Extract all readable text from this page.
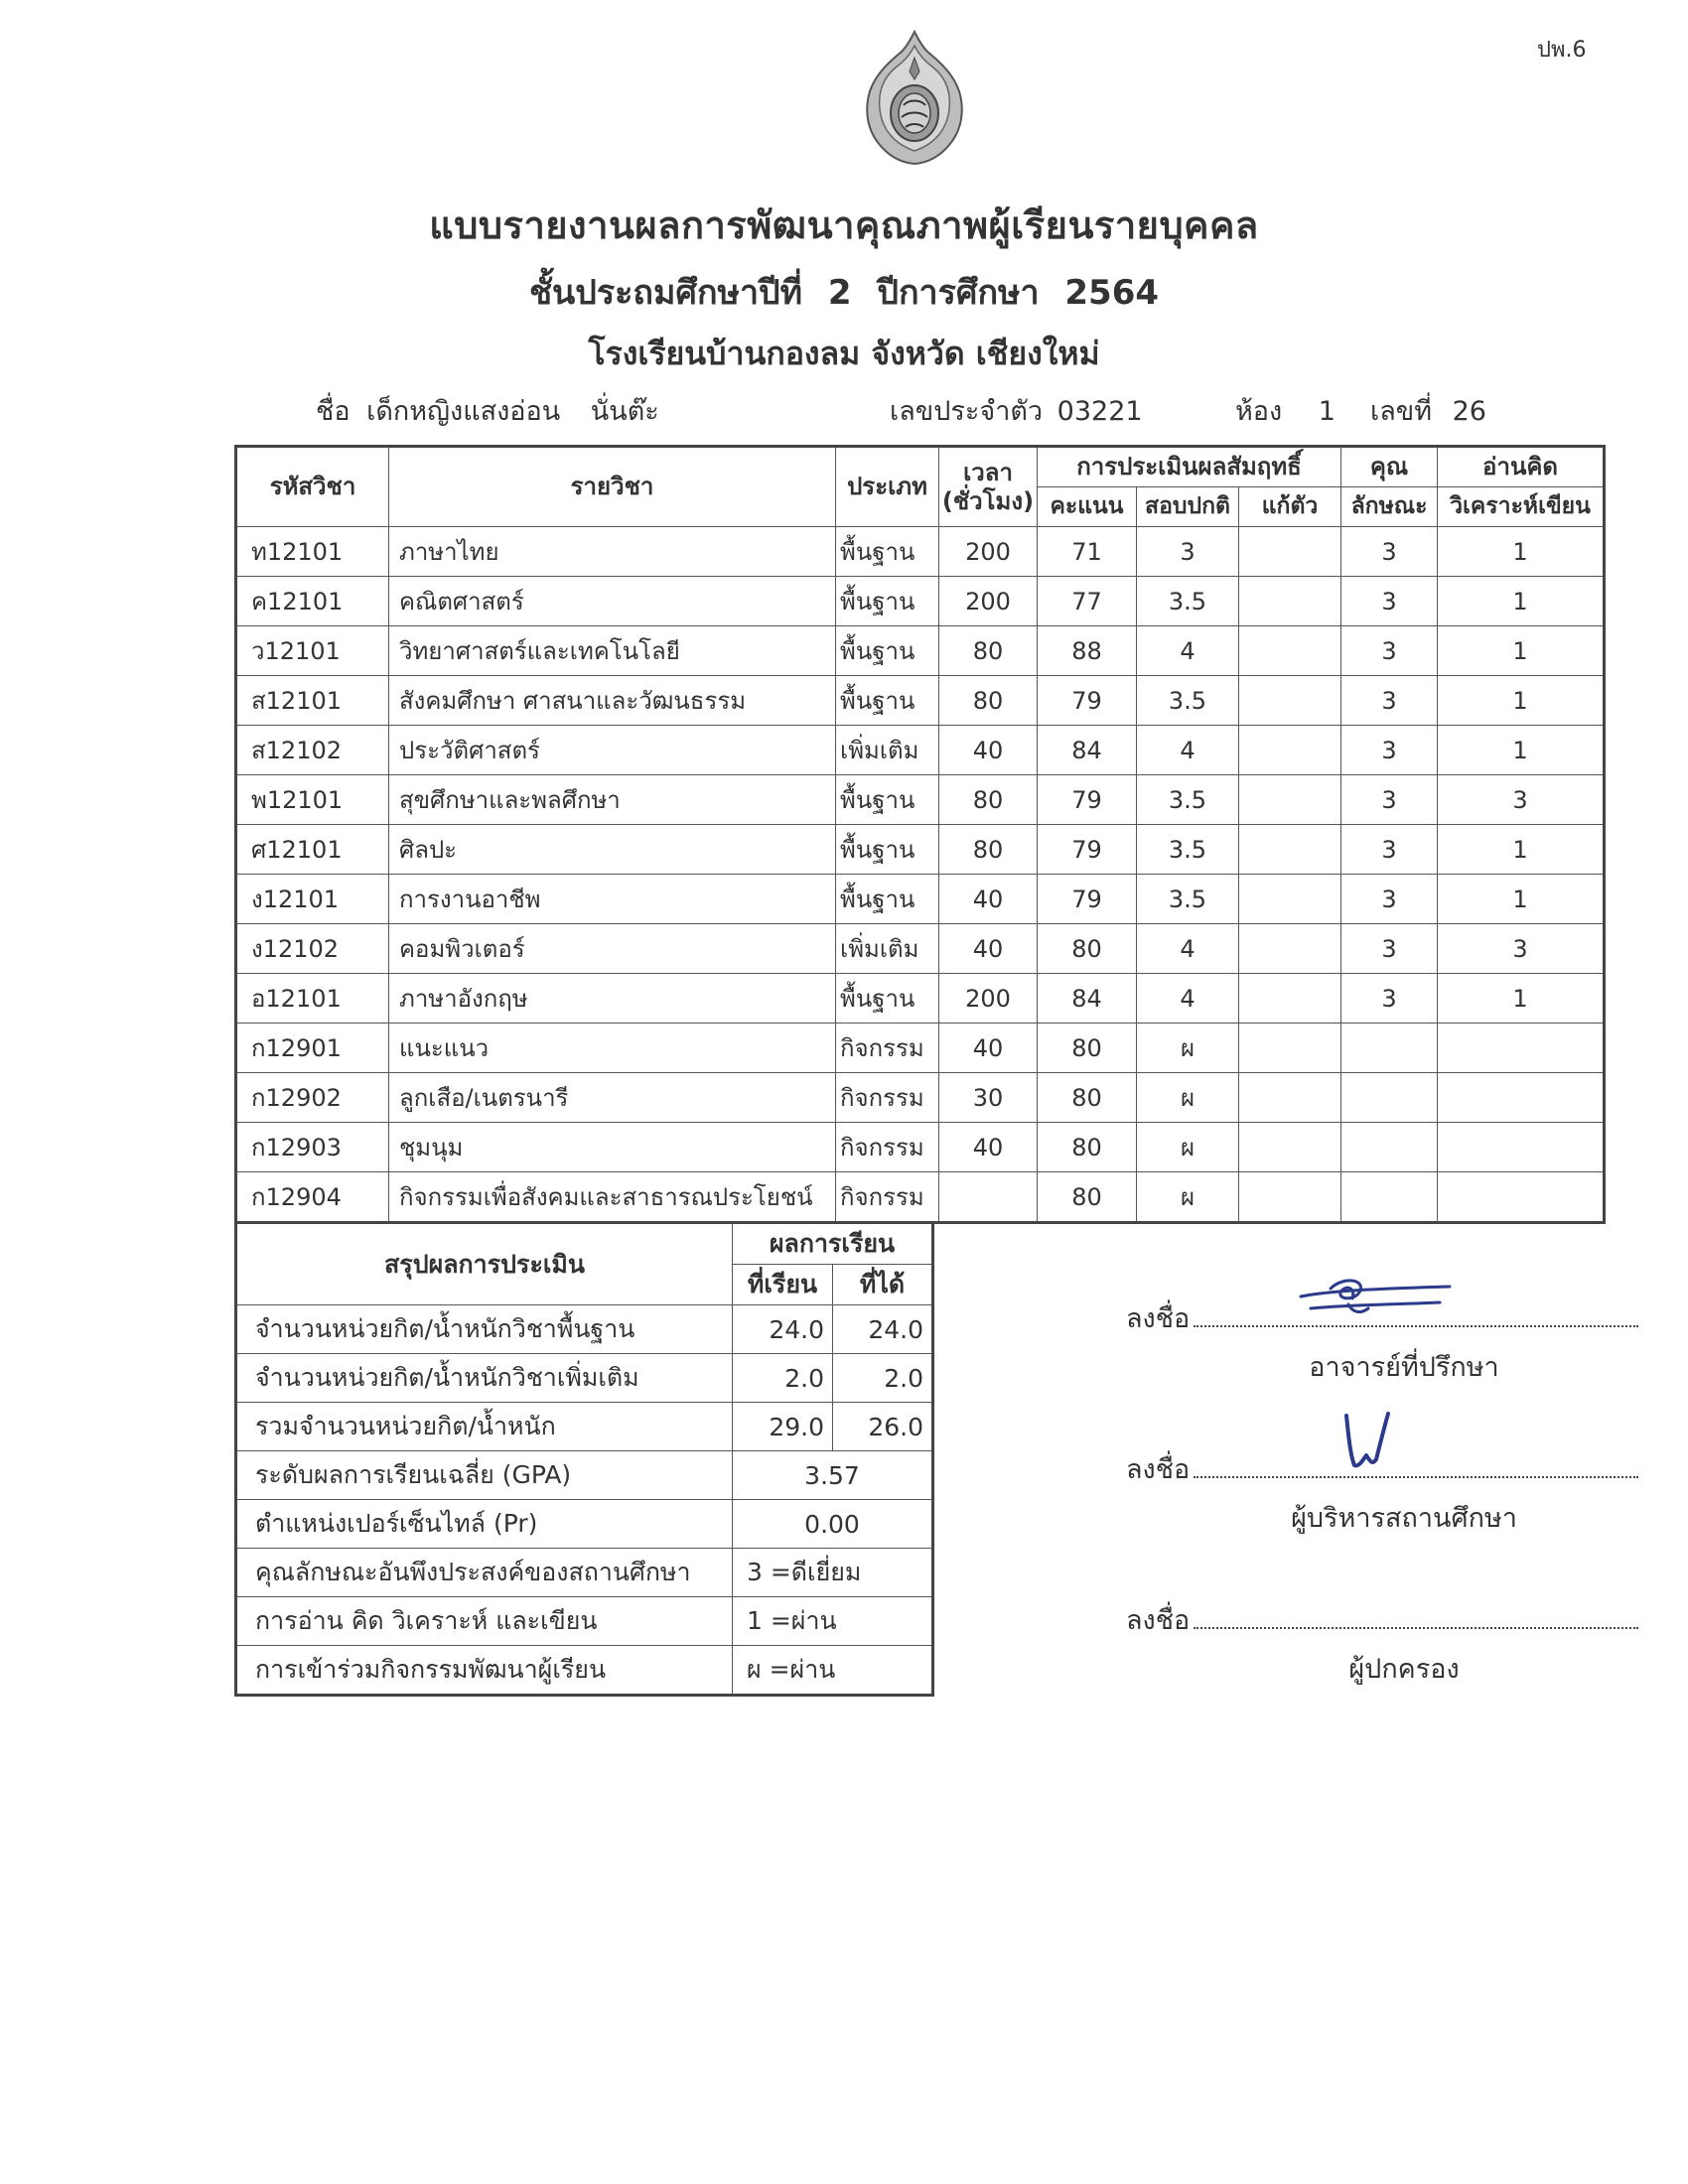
ปพ.6
แบบรายงานผลการพัฒนาคุณภาพผู้เรียนรายบุคคล
ชั้นประถมศึกษาปีที่ 2 ปีการศึกษา 2564
โรงเรียนบ้านกองลม จังหวัด เชียงใหม่
ชื่อ เด็กหญิงแสงอ่อน นั่นต๊ะ	เลขประจำตัว 03221	ห้อง 1 เลขที่ 26
รหัสวิชา	รายวิชา	ประเภท	เวลา
(ชั่วโมง)	การประเมินผลสัมฤทธิ์			คุณ	อ่านคิด
				คะแนน	สอบปกติ	แก้ตัว	ลักษณะ	วิเคราะห์เขียน
ท12101	ภาษาไทย	พื้นฐาน	200	71	3		3	1
ค12101	คณิตศาสตร์	พื้นฐาน	200	77	3.5		3	1
ว12101	วิทยาศาสตร์และเทคโนโลยี	พื้นฐาน	80	88	4		3	1
ส12101	สังคมศึกษา ศาสนาและวัฒนธรรม	พื้นฐาน	80	79	3.5		3	1
ส12102	ประวัติศาสตร์	เพิ่มเติม	40	84	4		3	1
พ12101	สุขศึกษาและพลศึกษา	พื้นฐาน	80	79	3.5		3	3
ศ12101	ศิลปะ	พื้นฐาน	80	79	3.5		3	1
ง12101	การงานอาชีพ	พื้นฐาน	40	79	3.5		3	1
ง12102	คอมพิวเตอร์	เพิ่มเติม	40	80	4		3	3
อ12101	ภาษาอังกฤษ	พื้นฐาน	200	84	4		3	1
ก12901	แนะแนว	กิจกรรม	40	80	ผ			
ก12902	ลูกเสือ/เนตรนารี	กิจกรรม	30	80	ผ			
ก12903	ชุมนุม	กิจกรรม	40	80	ผ			
ก12904	กิจกรรมเพื่อสังคมและสาธารณประโยชน์	กิจกรรม		80	ผ			
สรุปผลการประเมิน	ผลการเรียน	
	ที่เรียน	ที่ได้
จำนวนหน่วยกิต/น้ำหนักวิชาพื้นฐาน	24.0	24.0
จำนวนหน่วยกิต/น้ำหนักวิชาเพิ่มเติม	2.0	2.0
รวมจำนวนหน่วยกิต/น้ำหนัก	29.0	26.0
ระดับผลการเรียนเฉลี่ย (GPA)	3.57	
ตำแหน่งเปอร์เซ็นไทล์ (Pr)	0.00	
คุณลักษณะอันพึงประสงค์ของสถานศึกษา	3 =ดีเยี่ยม	
การอ่าน คิด วิเคราะห์ และเขียน	1 =ผ่าน	
การเข้าร่วมกิจกรรมพัฒนาผู้เรียน	ผ =ผ่าน	
ลงชื่อ
อาจารย์ที่ปรึกษา
ลงชื่อ
ผู้บริหารสถานศึกษา
ลงชื่อ
ผู้ปกครอง
